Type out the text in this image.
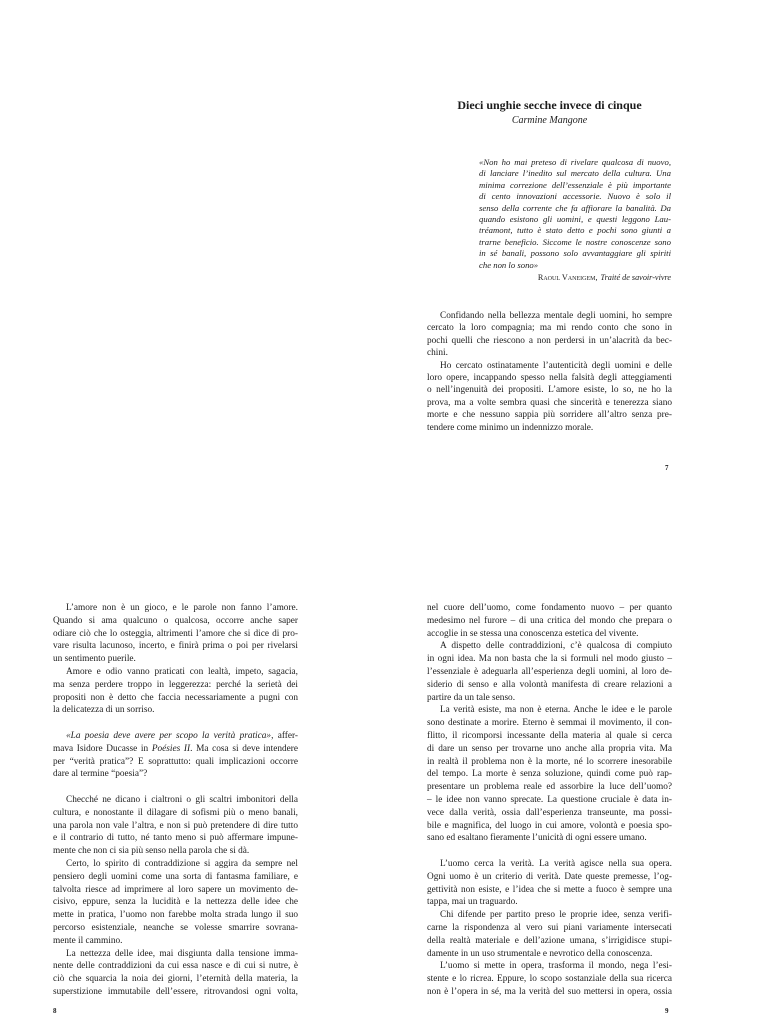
Dieci unghie secche invece di cinque
Carmine Mangone
«Non ho mai preteso di rivelare qualcosa di nuovo,
di lanciare l’inedito sul mercato della cultura. Una
minima correzione dell’essenziale è più importante
di cento innovazioni accessorie. Nuovo è solo il
senso della corrente che fa affiorare la banalità. Da
quando esistono gli uomini, e questi leggono Lau-
tréamont, tutto è stato detto e pochi sono giunti a
trarne beneficio. Siccome le nostre conoscenze sono
in sé banali, possono solo avvantaggiare gli spiriti
che non lo sono»
Raoul Vaneigem, Traité de savoir-vivre
Confidando nella bellezza mentale degli uomini, ho sempre
cercato la loro compagnia; ma mi rendo conto che sono in
pochi quelli che riescono a non perdersi in un’alacrità da bec-
chini.
Ho cercato ostinatamente l’autenticità degli uomini e delle
loro opere, incappando spesso nella falsità degli atteggiamenti
o nell’ingenuità dei propositi. L’amore esiste, lo so, ne ho la
prova, ma a volte sembra quasi che sincerità e tenerezza siano
morte e che nessuno sappia più sorridere all’altro senza pre-
tendere come minimo un indennizzo morale.
7
L’amore non è un gioco, e le parole non fanno l’amore.
Quando si ama qualcuno o qualcosa, occorre anche saper
odiare ciò che lo osteggia, altrimenti l’amore che si dice di pro-
vare risulta lacunoso, incerto, e finirà prima o poi per rivelarsi
un sentimento puerile.
Amore e odio vanno praticati con lealtà, impeto, sagacia,
ma senza perdere troppo in leggerezza: perché la serietà dei
propositi non è detto che faccia necessariamente a pugni con
la delicatezza di un sorriso.
«La poesia deve avere per scopo la verità pratica», affer-
mava Isidore Ducasse in Poésies II. Ma cosa si deve intendere
per “verità pratica”? E soprattutto: quali implicazioni occorre
dare al termine “poesia”?
Checché ne dicano i cialtroni o gli scaltri imbonitori della
cultura, e nonostante il dilagare di sofismi più o meno banali,
una parola non vale l’altra, e non si può pretendere di dire tutto
e il contrario di tutto, né tanto meno si può affermare impune-
mente che non ci sia più senso nella parola che si dà.
Certo, lo spirito di contraddizione si aggira da sempre nel
pensiero degli uomini come una sorta di fantasma familiare, e
talvolta riesce ad imprimere al loro sapere un movimento de-
cisivo, eppure, senza la lucidità e la nettezza delle idee che
mette in pratica, l’uomo non farebbe molta strada lungo il suo
percorso esistenziale, neanche se volesse smarrire sovrana-
mente il cammino.
La nettezza delle idee, mai disgiunta dalla tensione imma-
nente delle contraddizioni da cui essa nasce e di cui si nutre, è
ciò che squarcia la noia dei giorni, l’eternità della materia, la
superstizione immutabile dell’essere, ritrovandosi ogni volta,
8
nel cuore dell’uomo, come fondamento nuovo – per quanto
medesimo nel furore – di una critica del mondo che prepara o
accoglie in se stessa una conoscenza estetica del vivente.
A dispetto delle contraddizioni, c’è qualcosa di compiuto
in ogni idea. Ma non basta che la si formuli nel modo giusto –
l’essenziale è adeguarla all’esperienza degli uomini, al loro de-
siderio di senso e alla volontà manifesta di creare relazioni a
partire da un tale senso.
La verità esiste, ma non è eterna. Anche le idee e le parole
sono destinate a morire. Eterno è semmai il movimento, il con-
flitto, il ricomporsi incessante della materia al quale si cerca
di dare un senso per trovarne uno anche alla propria vita. Ma
in realtà il problema non è la morte, né lo scorrere inesorabile
del tempo. La morte è senza soluzione, quindi come può rap-
presentare un problema reale ed assorbire la luce dell’uomo?
– le idee non vanno sprecate. La questione cruciale è data in-
vece dalla verità, ossia dall’esperienza transeunte, ma possi-
bile e magnifica, del luogo in cui amore, volontà e poesia spo-
sano ed esaltano fieramente l’unicità di ogni essere umano.
L’uomo cerca la verità. La verità agisce nella sua opera.
Ogni uomo è un criterio di verità. Date queste premesse, l’og-
gettività non esiste, e l’idea che si mette a fuoco è sempre una
tappa, mai un traguardo.
Chi difende per partito preso le proprie idee, senza verifi-
carne la rispondenza al vero sui piani variamente intersecati
della realtà materiale e dell’azione umana, s’irrigidisce stupi-
damente in un uso strumentale e nevrotico della conoscenza.
L’uomo si mette in opera, trasforma il mondo, nega l’esi-
stente e lo ricrea. Eppure, lo scopo sostanziale della sua ricerca
non è l’opera in sé, ma la verità del suo mettersi in opera, ossia
9
